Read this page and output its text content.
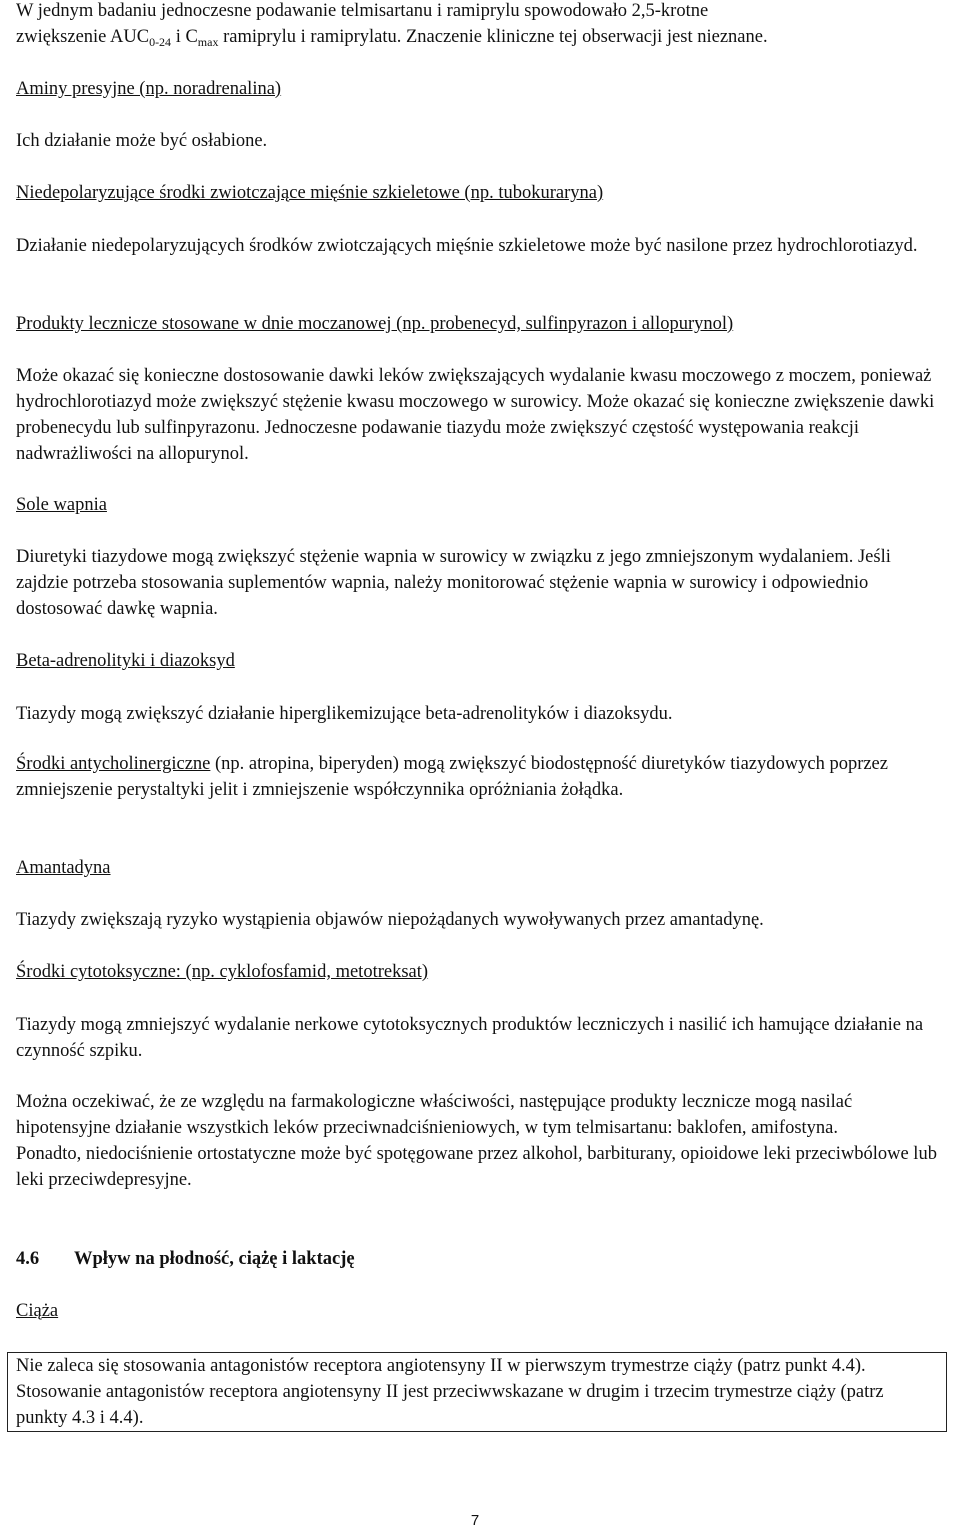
W jednym badaniu jednoczesne podawanie telmisartanu i ramiprylu spowodowało 2,5-krotne
zwiększenie $AUC_{0-24}$ i $C_{max}$ ramiprylu i ramiprylatu. Znaczenie kliniczne tej obserwacji jest nieznane.

Aminy presyjne (np. noradrenalina)

Ich działanie może być osłabione.

Niedepolaryzujące środki zwiotczające mięśnie szkieletowe (np. tubokuraryna)

Działanie niedepolaryzujących środków zwiotczających mięśnie szkieletowe może być nasilone przez hydrochlorotiazyd.

Produkty lecznicze stosowane w dnie moczanowej (np. probenecyd, sulfinpyrazon i allopurynol)

Może okazać się konieczne dostosowanie dawki leków zwiększających wydalanie kwasu moczowego z moczem, ponieważ hydrochlorotiazyd może zwiększyć stężenie kwasu moczowego w surowicy. Może okazać się konieczne zwiększenie dawki probenecydu lub sulfinpyrazonu. Jednoczesne podawanie tiazydu może zwiększyć częstość występowania reakcji nadwrażliwości na allopurynol.

Sole wapnia

Diuretyki tiazydowe mogą zwiększyć stężenie wapnia w surowicy w związku z jego zmniejszonym wydalaniem. Jeśli zajdzie potrzeba stosowania suplementów wapnia, należy monitorować stężenie wapnia w surowicy i odpowiednio dostosować dawkę wapnia.

Beta-adrenolityki i diazoksyd

Tiazydy mogą zwiększyć działanie hiperglikemizujące beta-adrenolityków i diazoksydu.

Środki antycholinergiczne (np. atropina, biperyden) mogą zwiększyć biodostępność diuretyków tiazydowych poprzez zmniejszenie perystaltyki jelit i zmniejszenie współczynnika opróżniania żołądka.

Amantadyna

Tiazydy zwiększają ryzyko wystąpienia objawów niepożądanych wywoływanych przez amantadynę.

Środki cytotoksyczne: (np. cyklofosfamid, metotreksat)

Tiazydy mogą zmniejszyć wydalanie nerkowe cytotoksycznych produktów leczniczych i nasilić ich hamujące działanie na czynność szpiku.

Można oczekiwać, że ze względu na farmakologiczne właściwości, następujące produkty lecznicze mogą nasilać hipotensyjne działanie wszystkich leków przeciwnadciśnieniowych, w tym telmisartanu: baklofen, amifostyna.
Ponadto, niedociśnienie ortostatyczne może być spotęgowane przez alkohol, barbiturany, opioidowe leki przeciwbólowe lub leki przeciwdepresyjne.

4.6 Wpływ na płodność, ciążę i laktację

Ciąża

Nie zaleca się stosowania antagonistów receptora angiotensyny II w pierwszym trymestrze ciąży (patrz punkt 4.4). Stosowanie antagonistów receptora angiotensyny II jest przeciwwskazane w drugim i trzecim trymestrze ciąży (patrz punkty 4.3 i 4.4).

7
